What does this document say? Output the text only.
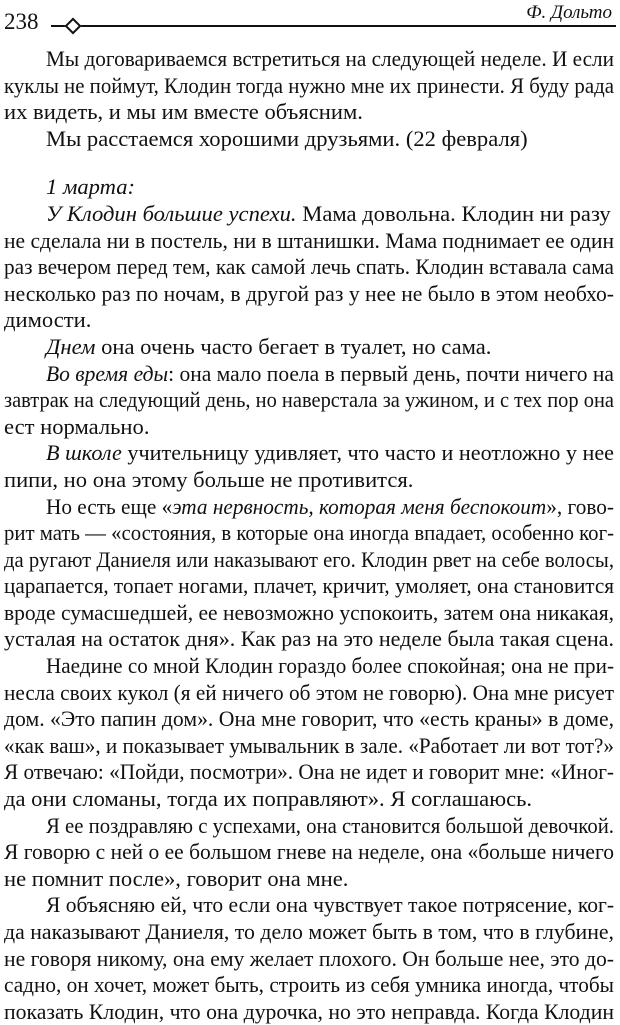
238	Ф. Дольто
Мы договариваемся встретиться на следующей неделе. И если
куклы не поймут, Клодин тогда нужно мне их принести. Я буду рада
их видеть, и мы им вместе объясним.
Мы расстаемся хорошими друзьями. (22 февраля)
1 марта:
У Клодин большие успехи. Мама довольна. Клодин ни разу
не сделала ни в постель, ни в штанишки. Мама поднимает ее один
раз вечером перед тем, как самой лечь спать. Клодин вставала сама
несколько раз по ночам, в другой раз у нее не было в этом необхо-
димости.
Днем она очень часто бегает в туалет, но сама.
Во время еды: она мало поела в первый день, почти ничего на
завтрак на следующий день, но наверстала за ужином, и с тех пор она
ест нормально.
В школе учительницу удивляет, что часто и неотложно у нее
пипи, но она этому больше не противится.
Но есть еще «эта нервность, которая меня беспокоит», гово-
рит мать — «состояния, в которые она иногда впадает, особенно ког-
да ругают Даниеля или наказывают его. Клодин рвет на себе волосы,
царапается, топает ногами, плачет, кричит, умоляет, она становится
вроде сумасшедшей, ее невозможно успокоить, затем она никакая,
усталая на остаток дня». Как раз на это неделе была такая сцена.
Наедине со мной Клодин гораздо более спокойная; она не при-
несла своих кукол (я ей ничего об этом не говорю). Она мне рисует
дом. «Это папин дом». Она мне говорит, что «есть краны» в доме,
«как ваш», и показывает умывальник в зале. «Работает ли вот тот?»
Я отвечаю: «Пойди, посмотри». Она не идет и говорит мне: «Иног-
да они сломаны, тогда их поправляют». Я соглашаюсь.
Я ее поздравляю с успехами, она становится большой девочкой.
Я говорю с ней о ее большом гневе на неделе, она «больше ничего
не помнит после», говорит она мне.
Я объясняю ей, что если она чувствует такое потрясение, ког-
да наказывают Даниеля, то дело может быть в том, что в глубине,
не говоря никому, она ему желает плохого. Он больше нее, это до-
садно, он хочет, может быть, строить из себя умника иногда, чтобы
показать Клодин, что она дурочка, но это неправда. Когда Клодин
